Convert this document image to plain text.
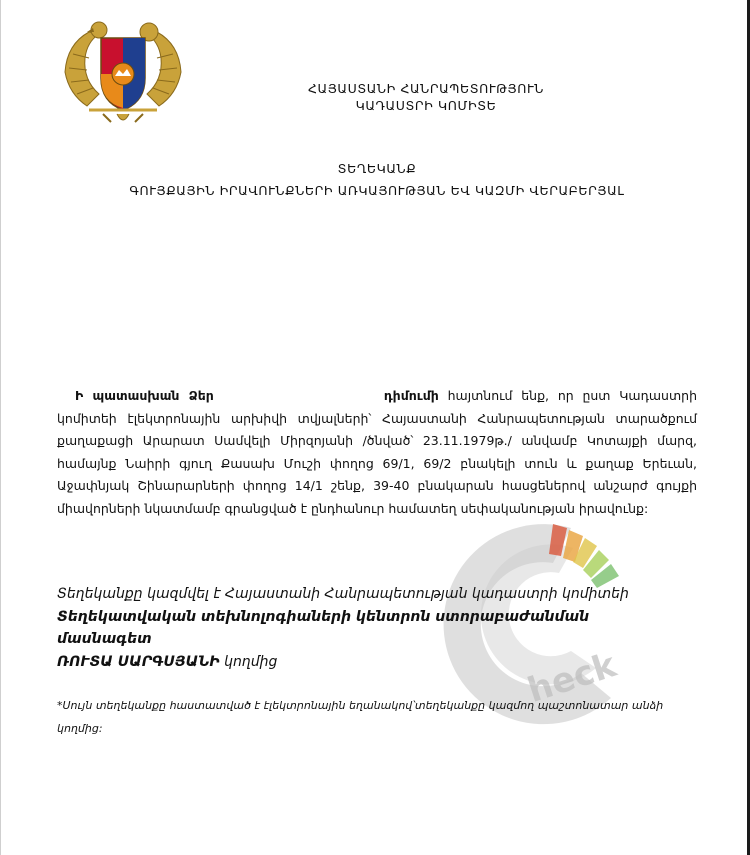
ՀԱՅԱՍՏԱՆԻ ՀԱՆՐԱՊԵՏՈՒԹՅՈՒՆ
ԿԱԴԱՍՏՐԻ ԿՈՄԻՏԵ
ՏԵՂԵԿԱՆՔ
ԳՈՒՅՔԱՅԻՆ ԻՐԱՎՈՒՆՔՆԵՐԻ ԱՌԿԱՅՈՒԹՅԱՆ ԵՎ ԿԱԶՄԻ ՎԵՐԱԲԵՐՅԱԼ
Ի պատասխան Ձեր	դիմումի հայտնում ենք, որ ըստ Կադաստրի կոմիտեի էլեկտրոնային արխիվի տվյալների՝ Հայաստանի Հանրապետության տարածքում քաղաքացի Արարատ Սամվելի Միրզոյանի /ծնված՝ 23.11.1979թ./ անվամբ Կոտայքի մարզ, համայնք Նաիրի գյուղ Քասախ Մուշի փողոց 69/1, 69/2 բնակելի տուն և քաղաք Երեւան, Աջափնյակ Շինարարների փողոց 14/1 շենք, 39-40 բնակարան հասցեներով անշարժ գույքի միավորների նկատմամբ գրանցված է ընդհանուր համատեղ սեփականության իրավունք:
heck
Տեղեկանքը կազմվել է Հայաստանի Հանրապետության կադաստրի կոմիտեի
Տեղեկատվական տեխնոլոգիաների կենտրոն ստորաբաժանման
մասնագետ
ՌՈՒՏԱ ՍԱՐԳՍՅԱՆԻ կողմից
*Սույն տեղեկանքը հաստատված է էլեկտրոնային եղանակով՝տեղեկանքը կազմող պաշտոնատար անձի կողմից:
